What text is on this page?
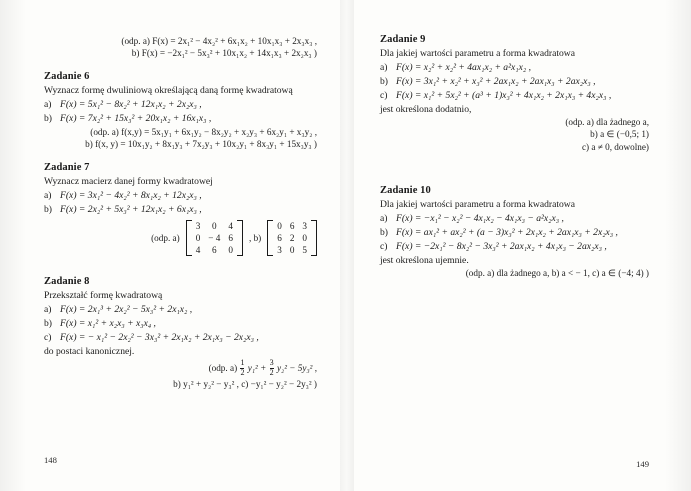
(odp. a) F(x) = 2x₁² − 4x₂² + 6x₁x₂ + 10x₁x₃ + 2x₃x₃ ,

b) F(x) = −2x₁² − 5x₃² + 10x₁x₂ + 14x₁x₃ + 2x₂x₃ )

Zadanie 6

Wyznacz formę dwuliniową określającą daną formę kwadratową

a) F(x) = 5x₁² − 8x₂² + 12x₁x₂ + 2x₂x₃ ,
b) F(x) = 7x₂² + 15x₃² + 20x₁x₂ + 16x₁x₃ ,

(odp. a) f(x,y) = 5x₁y₁ + 6x₁y₂ − 8x₂y₂ + x₂y₃ + 6x₂y₁ + x₃y₂ ,

b) f(x, y) = 10x₁y₂ + 8x₁y₃ + 7x₂y₃ + 10x₂y₁ + 8x₃y₁ + 15x₃y₃ )

Zadanie 7

Wyznacz macierz danej formy kwadratowej

a) F(x) = 3x₁² − 4x₂² + 8x₁x₂ + 12x₂x₃ ,
b) F(x) = 2x₂² + 5x₃² + 12x₁x₂ + 6x₁x₃ ,
(odp. a)
3	0	4
0	− 4	6
4	6	0
, b)
0	6	3
6	2	0
3	0	5

Zadanie 8

Przekształć formę kwadratową

a) F(x) = 2x₁³ + 2x₂² − 5x₃² + 2x₁x₂ ,
b) F(x) = x₁² + x₂x₃ + x₃x₄ ,
c) F(x) = − x₁² − 2x₂² − 3x₃² + 2x₁x₂ + 2x₁x₃ − 2x₂x₃ ,

do postaci kanonicznej.

(odp. $a) \frac{1}{2} y_1^2 + \frac{3}{2} y_2^2 - 5y_3^2$ ,

b) y₁² + y₂² − y₃² , c) −y₁² − y₂² − 2y₃² )

148

Zadanie 9

Dla jakiej wartości parametru a forma kwadratowa

a) F(x) = x₂² + x₂² + 4ax₁x₂ + a²x₁x₂ ,
b) F(x) = 3x₁² + x₂² + x₃² + 2ax₁x₂ + 2ax₁x₃ + 2ax₂x₃ ,
c) F(x) = x₁² + 5x₂² + (a³ + 1)x₃² + 4x₁x₂ + 2x₁x₃ + 4x₂x₃ ,

jest określona dodatnio,

(odp. a) dla żadnego a,

b) a ∈ (−0,5; 1)

c) a ≠ 0, dowolne)

Zadanie 10

Dla jakiej wartości parametru a forma kwadratowa

a) F(x) = −x₁² − x₂² − 4x₁x₂ − 4x₁x₃ − a²x₂x₃ ,
b) F(x) = ax₁² + ax₂² + (a − 3)x₃² + 2x₁x₂ + 2ax₁x₃ + 2x₂x₃ ,
c) F(x) = −2x₁² − 8x₂² − 3x₃² + 2ax₁x₂ + 4x₁x₃ − 2ax₂x₃ ,

jest określona ujemnie.

(odp. a) dla żadnego a, b) a < − 1, c) a ∈ (−4; 4) )

149
